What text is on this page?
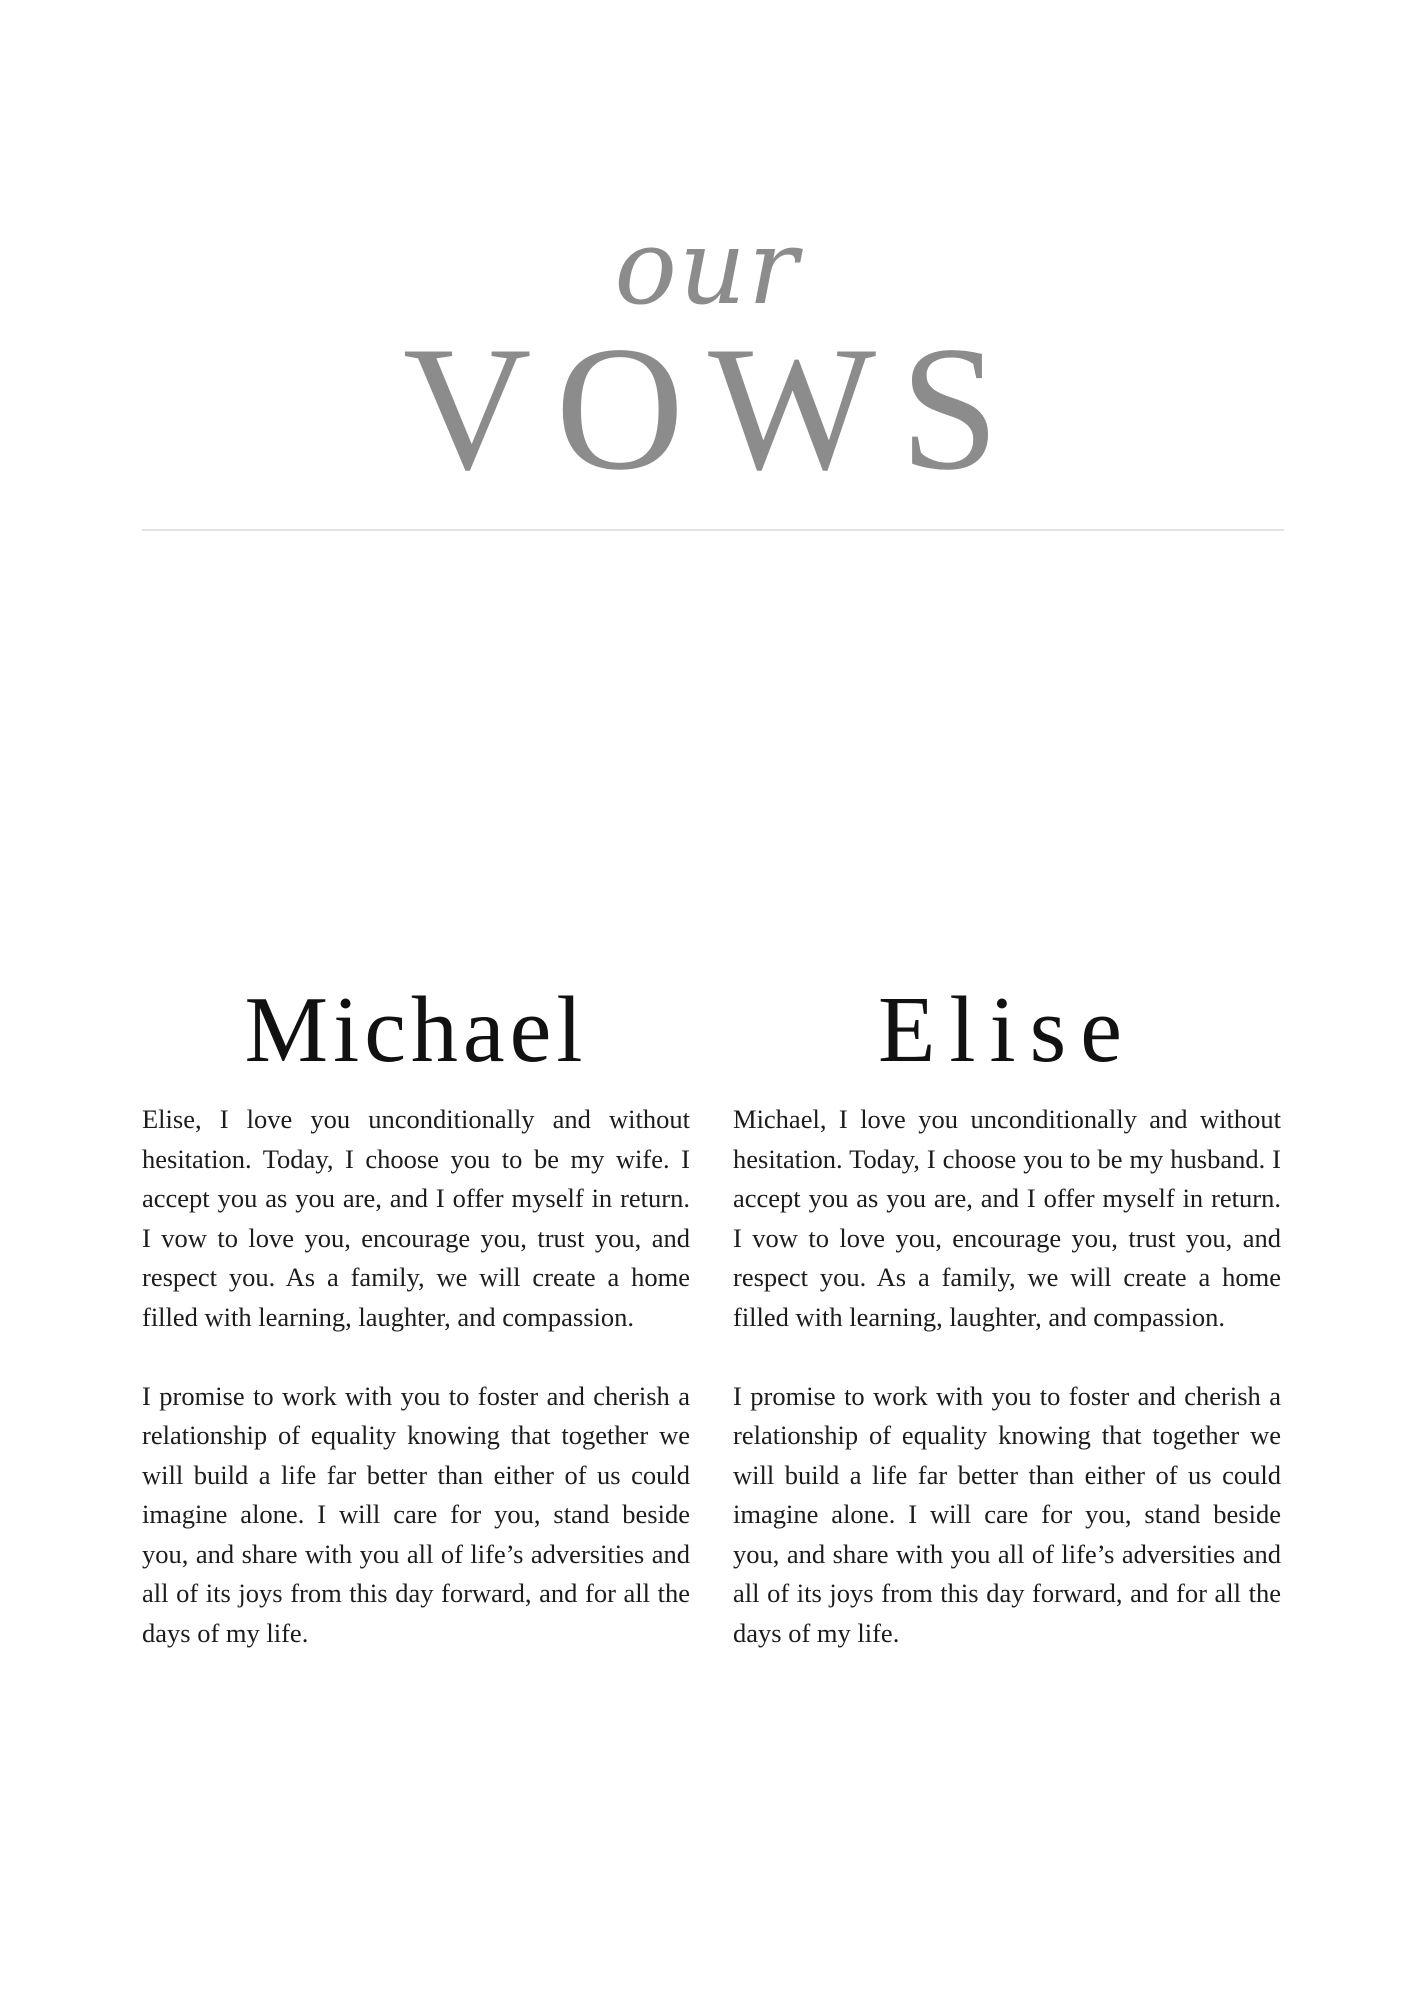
our
VOWS
Michael

Elise, I love you unconditionally and without hesitation. Today, I choose you to be my wife. I accept you as you are, and I offer myself in return. I vow to love you, encourage you, trust you, and respect you. As a family, we will create a home filled with learning, laughter, and compassion.

I promise to work with you to foster and cherish a relationship of equality knowing that together we will build a life far better than either of us could imagine alone. I will care for you, stand beside you, and share with you all of life’s adversities and all of its joys from this day forward, and for all the days of my life.

Elise

Michael, I love you unconditionally and without hesitation. Today, I choose you to be my husband. I accept you as you are, and I offer myself in return. I vow to love you, encourage you, trust you, and respect you. As a family, we will create a home filled with learning, laughter, and compassion.

I promise to work with you to foster and cherish a relationship of equality knowing that together we will build a life far better than either of us could imagine alone. I will care for you, stand beside you, and share with you all of life’s adversities and all of its joys from this day forward, and for all the days of my life.
